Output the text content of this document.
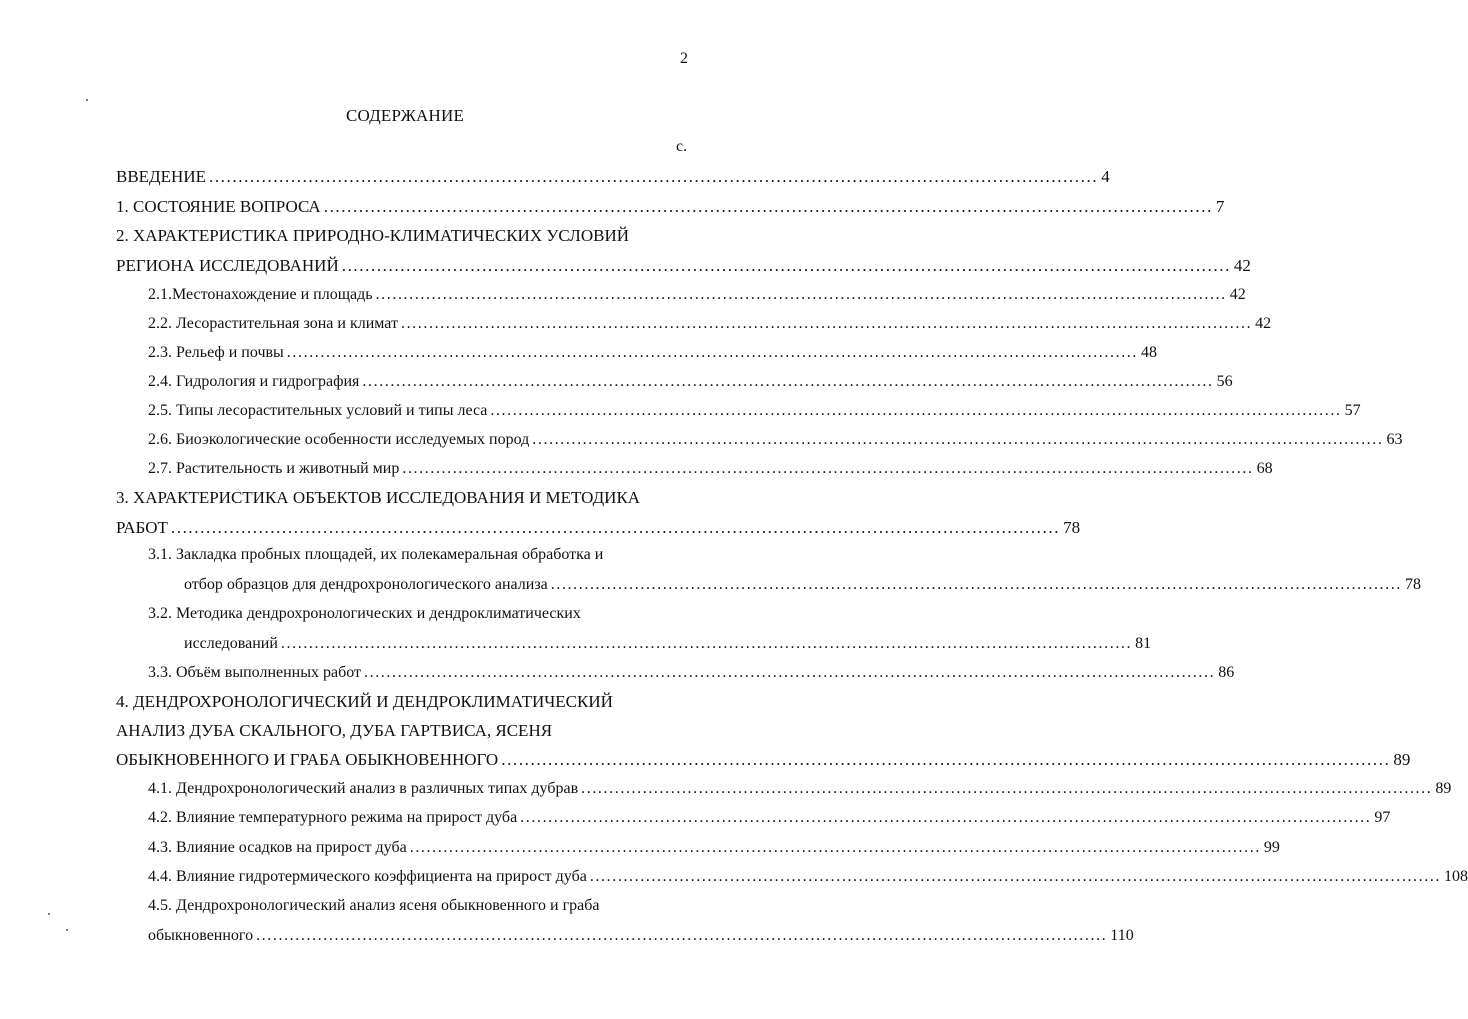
2
СОДЕРЖАНИЕ
с.
ВВЕДЕНИЕ ........................................................................................................................................................ 4
1. СОСТОЯНИЕ ВОПРОСА ........................................................................................................................................................ 7
2. ХАРАКТЕРИСТИКА ПРИРОДНО-КЛИМАТИЧЕСКИХ УСЛОВИЙ
РЕГИОНА ИССЛЕДОВАНИЙ ........................................................................................................................................................ 42
2.1.Местонахождение и площадь ........................................................................................................................................................ 42
2.2. Лесорастительная зона и климат ........................................................................................................................................................ 42
2.3. Рельеф и почвы ........................................................................................................................................................ 48
2.4. Гидрология и гидрография ........................................................................................................................................................ 56
2.5. Типы лесорастительных условий и типы леса ........................................................................................................................................................ 57
2.6. Биоэкологические особенности исследуемых пород ........................................................................................................................................................ 63
2.7. Растительность и животный мир ........................................................................................................................................................ 68
3. ХАРАКТЕРИСТИКА ОБЪЕКТОВ ИССЛЕДОВАНИЯ И МЕТОДИКА
РАБОТ ........................................................................................................................................................ 78
3.1. Закладка пробных площадей, их полекамеральная обработка и
отбор образцов для дендрохронологического анализа ........................................................................................................................................................ 78
3.2. Методика дендрохронологических и дендроклиматических
исследований ........................................................................................................................................................ 81
3.3. Объём выполненных работ ........................................................................................................................................................ 86
4. ДЕНДРОХРОНОЛОГИЧЕСКИЙ И ДЕНДРОКЛИМАТИЧЕСКИЙ
АНАЛИЗ ДУБА СКАЛЬНОГО, ДУБА ГАРТВИСА, ЯСЕНЯ
ОБЫКНОВЕННОГО И ГРАБА ОБЫКНОВЕННОГО ........................................................................................................................................................ 89
4.1. Дендрохронологический анализ в различных типах дубрав ........................................................................................................................................................ 89
4.2. Влияние температурного режима на прирост дуба ........................................................................................................................................................ 97
4.3. Влияние осадков на прирост дуба ........................................................................................................................................................ 99
4.4. Влияние гидротермического коэффициента на прирост дуба ........................................................................................................................................................ 108
4.5. Дендрохронологический анализ ясеня обыкновенного и граба
обыкновенного ........................................................................................................................................................ 110
